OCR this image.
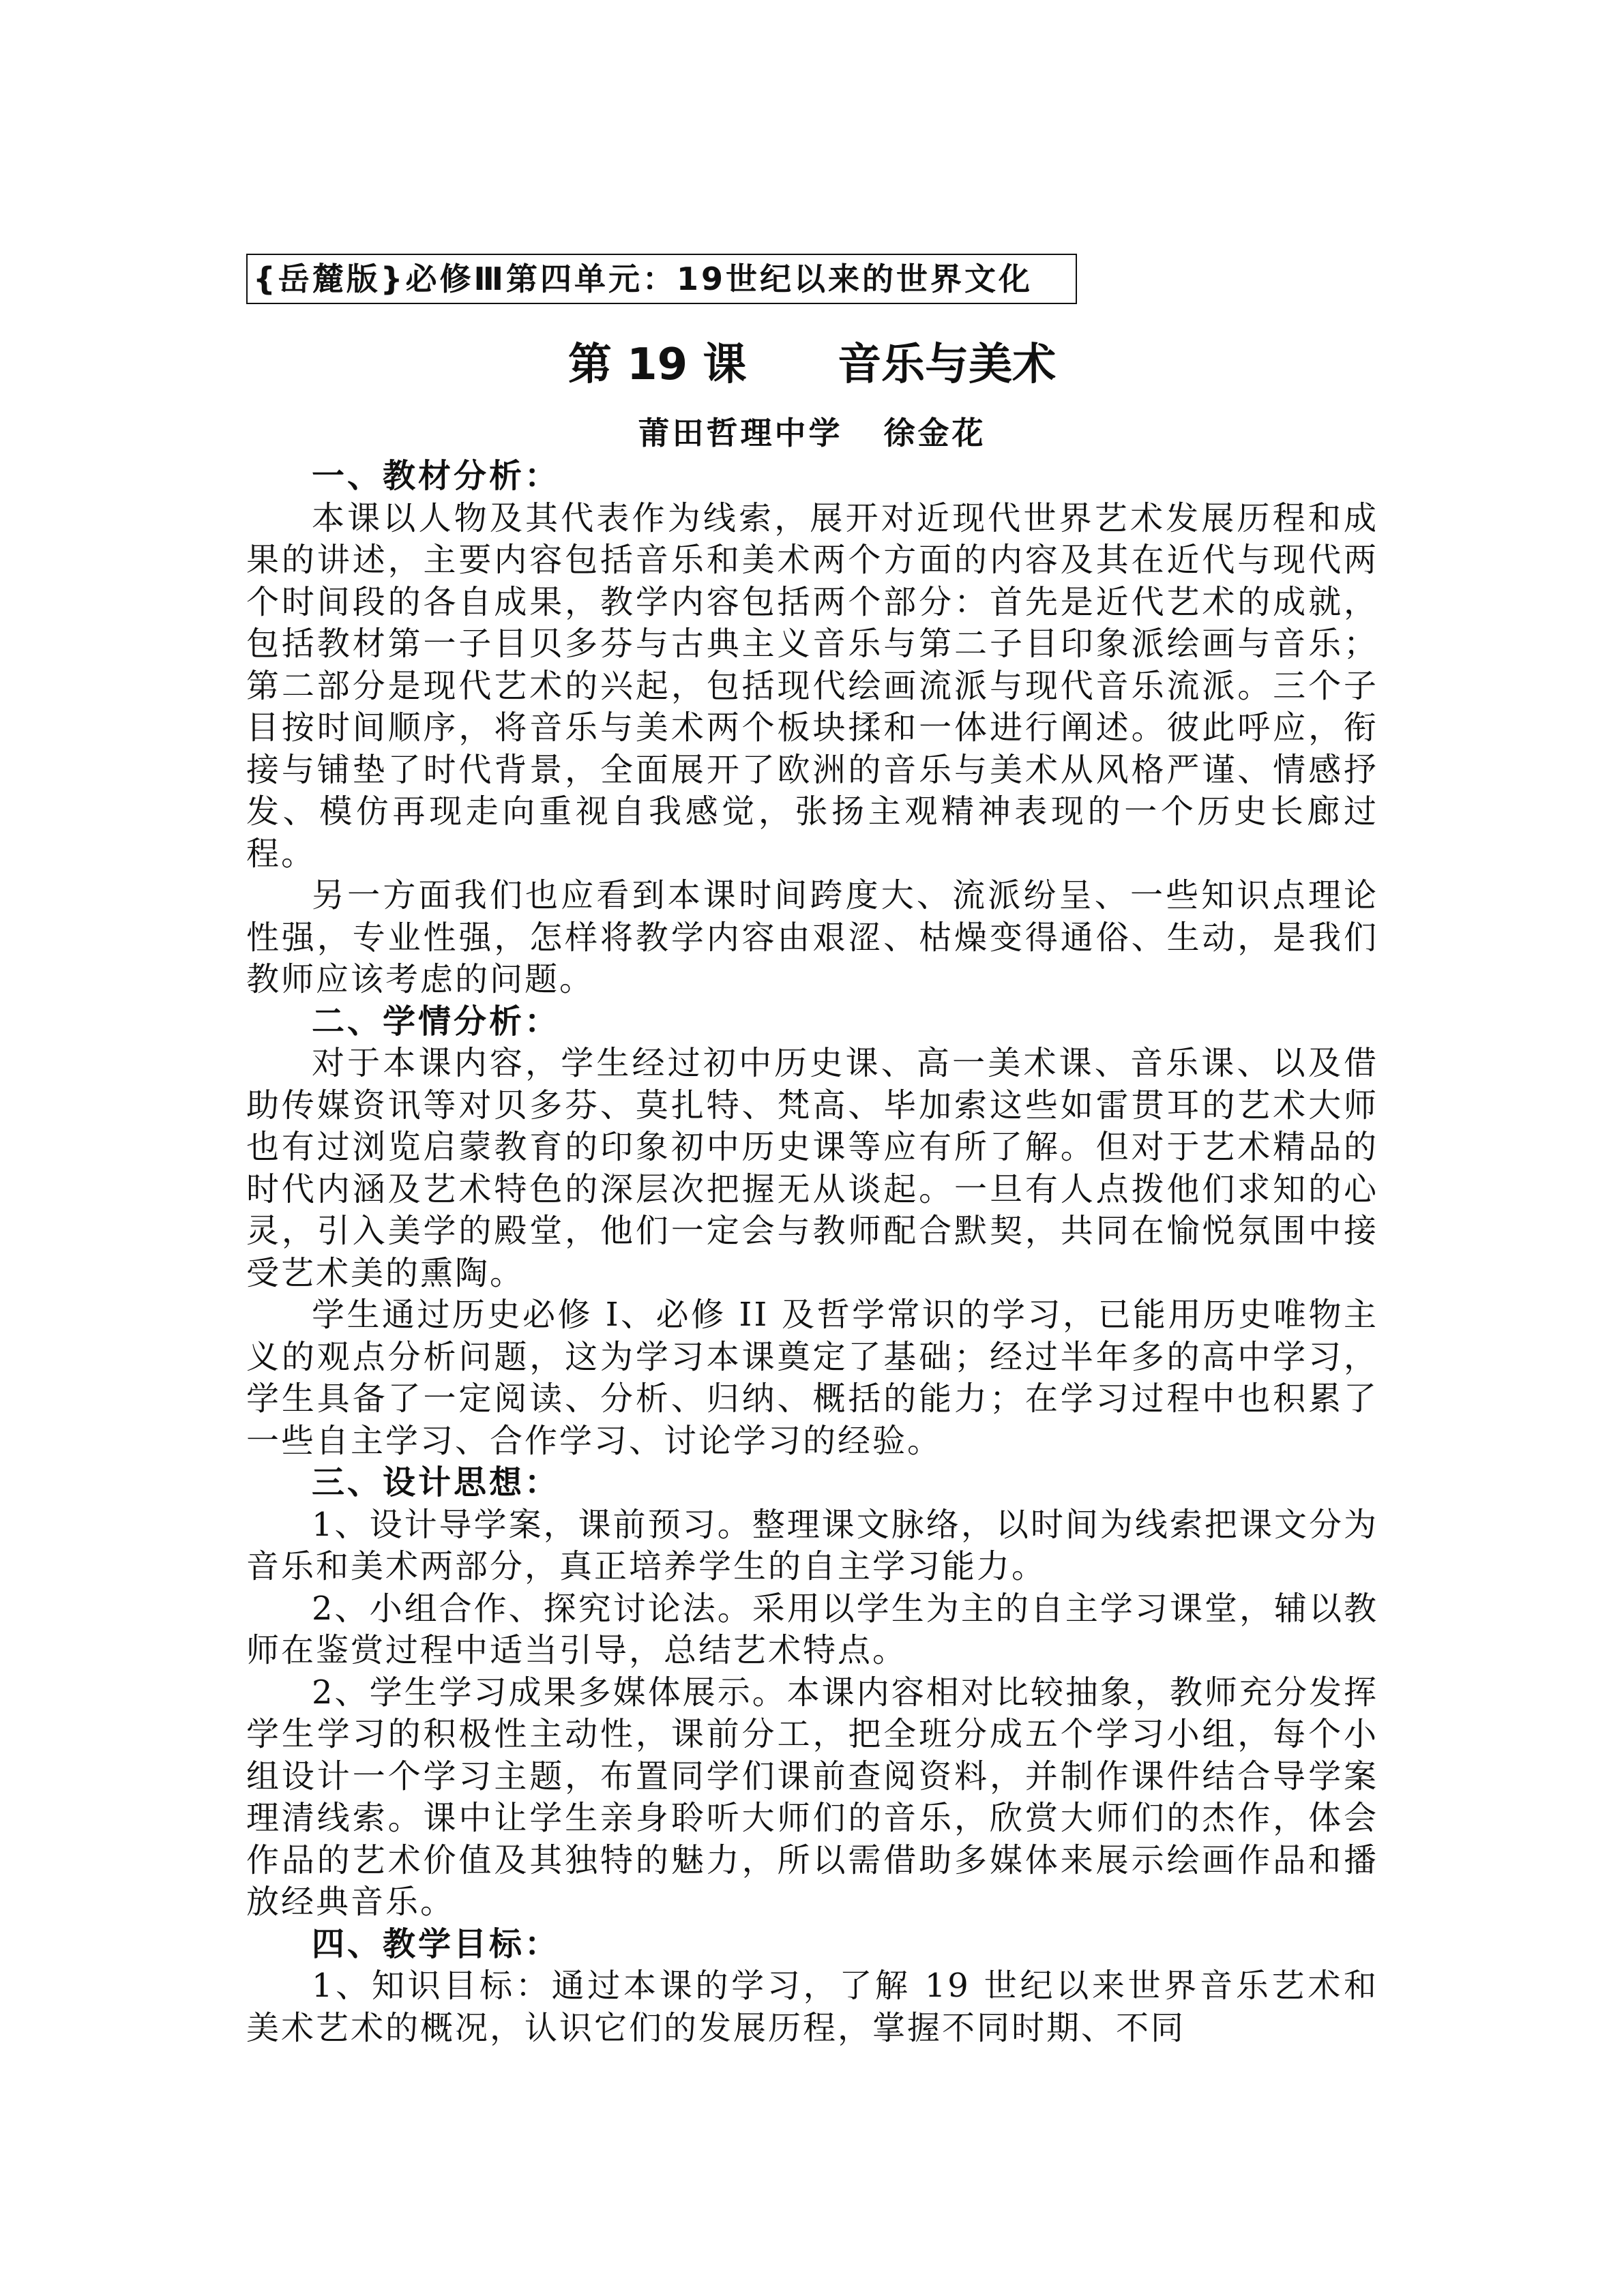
{岳麓版}必修Ⅲ第四单元：19世纪以来的世界文化
第 19 课      音乐与美术
莆田哲理中学   徐金花
一、教材分析：

本课以人物及其代表作为线索，展开对近现代世界艺术发展历程和成果的讲述，主要内容包括音乐和美术两个方面的内容及其在近代与现代两个时间段的各自成果，教学内容包括两个部分：首先是近代艺术的成就，包括教材第一子目贝多芬与古典主义音乐与第二子目印象派绘画与音乐；第二部分是现代艺术的兴起，包括现代绘画流派与现代音乐流派。三个子目按时间顺序，将音乐与美术两个板块揉和一体进行阐述。彼此呼应，衔接与铺垫了时代背景，全面展开了欧洲的音乐与美术从风格严谨、情感抒发、模仿再现走向重视自我感觉，张扬主观精神表现的一个历史长廊过程。

另一方面我们也应看到本课时间跨度大、流派纷呈、一些知识点理论性强，专业性强，怎样将教学内容由艰涩、枯燥变得通俗、生动，是我们教师应该考虑的问题。

二、学情分析：

对于本课内容，学生经过初中历史课、高一美术课、音乐课、以及借助传媒资讯等对贝多芬、莫扎特、梵高、毕加索这些如雷贯耳的艺术大师也有过浏览启蒙教育的印象初中历史课等应有所了解。但对于艺术精品的时代内涵及艺术特色的深层次把握无从谈起。一旦有人点拨他们求知的心灵，引入美学的殿堂，他们一定会与教师配合默契，共同在愉悦氛围中接受艺术美的熏陶。

学生通过历史必修 I、必修 II 及哲学常识的学习，已能用历史唯物主义的观点分析问题，这为学习本课奠定了基础；经过半年多的高中学习，学生具备了一定阅读、分析、归纳、概括的能力；在学习过程中也积累了一些自主学习、合作学习、讨论学习的经验。

三、设计思想：

1、设计导学案，课前预习。整理课文脉络，以时间为线索把课文分为音乐和美术两部分，真正培养学生的自主学习能力。

2、小组合作、探究讨论法。采用以学生为主的自主学习课堂，辅以教师在鉴赏过程中适当引导，总结艺术特点。

2、学生学习成果多媒体展示。本课内容相对比较抽象，教师充分发挥学生学习的积极性主动性，课前分工，把全班分成五个学习小组，每个小组设计一个学习主题，布置同学们课前查阅资料，并制作课件结合导学案理清线索。课中让学生亲身聆听大师们的音乐，欣赏大师们的杰作，体会作品的艺术价值及其独特的魅力，所以需借助多媒体来展示绘画作品和播放经典音乐。

四、教学目标：

1、知识目标：通过本课的学习，了解 19 世纪以来世界音乐艺术和美术艺术的概况，认识它们的发展历程，掌握不同时期、不同
